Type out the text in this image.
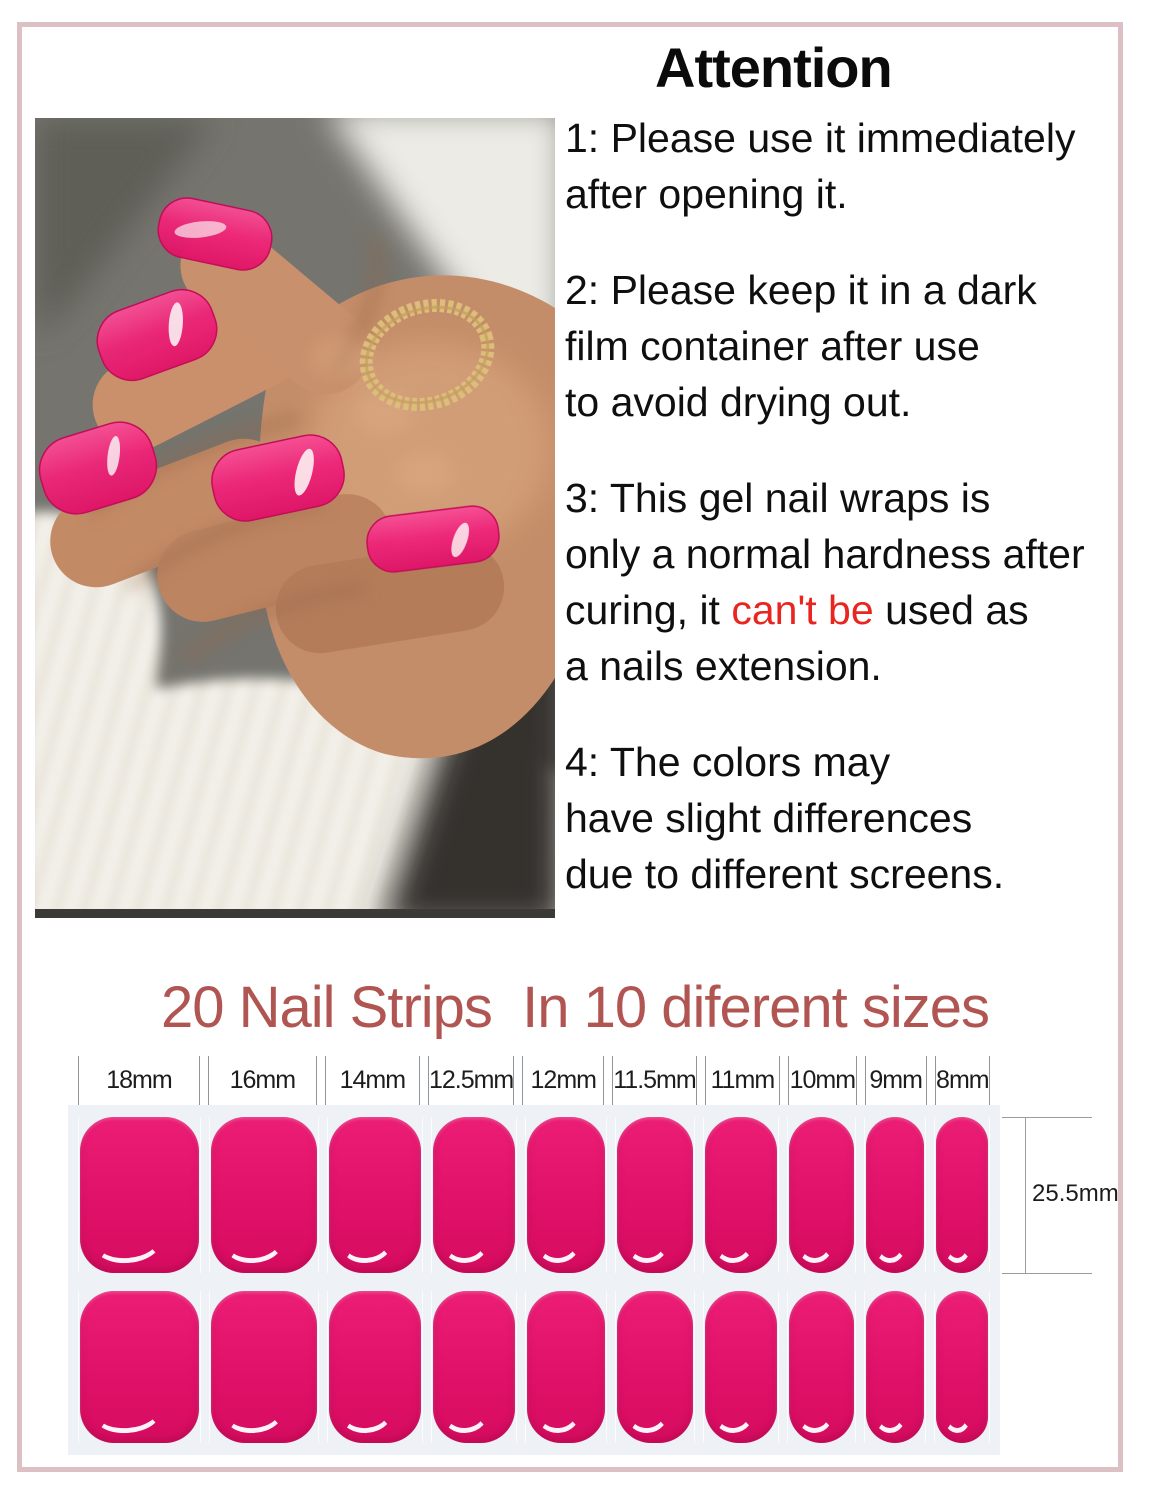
Attention

1: Please use it immediately
after opening it.

2: Please keep it in a dark
film container after use
to avoid drying out.

3: This gel nail wraps is
only a normal hardness after
curing, it can't be used as
a nails extension.

4: The colors may
have slight differences
due to different screens.

20 Nail Strips  In 10 diferent sizes
18mm 16mm 14mm 12.5mm 12mm 11.5mm 11mm 10mm 9mm 8mm
25.5mm
